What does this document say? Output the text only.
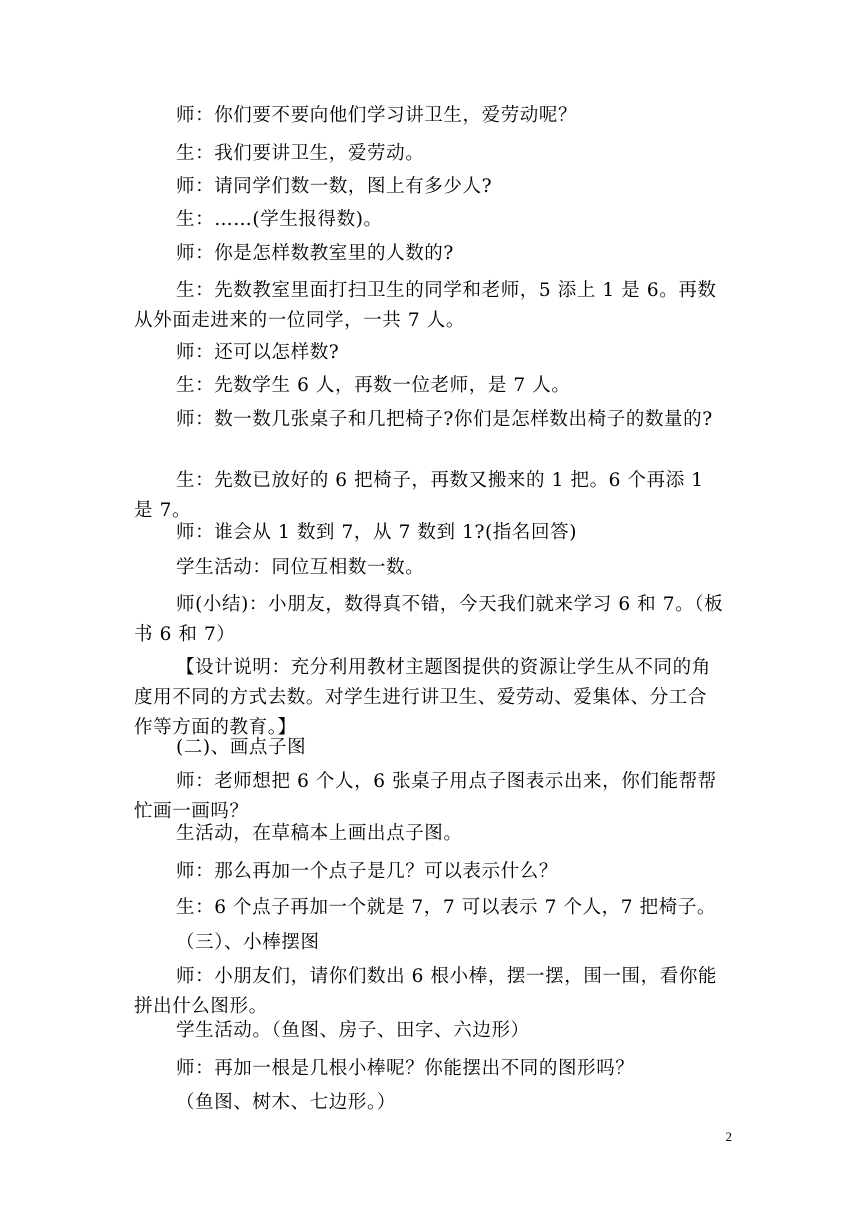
师：你们要不要向他们学习讲卫生，爱劳动呢？

生：我们要讲卫生，爱劳动。

师：请同学们数一数，图上有多少人?

生：……(学生报得数)。

师：你是怎样数教室里的人数的?

生：先数教室里面打扫卫生的同学和老师，5 添上 1 是 6。再数从外面走进来的一位同学，一共 7 人。

师：还可以怎样数?

生：先数学生 6 人，再数一位老师，是 7 人。

师：数一数几张桌子和几把椅子?你们是怎样数出椅子的数量的?

生：先数已放好的 6 把椅子，再数又搬来的 1 把。6 个再添 1 是 7。

师：谁会从 1 数到 7，从 7 数到 1?(指名回答)

学生活动：同位互相数一数。

师(小结)：小朋友，数得真不错，今天我们就来学习 6 和 7。（板书 6 和 7）

【设计说明：充分利用教材主题图提供的资源让学生从不同的角度用不同的方式去数。对学生进行讲卫生、爱劳动、爱集体、分工合作等方面的教育。】

(二)、画点子图

师：老师想把 6 个人，6 张桌子用点子图表示出来，你们能帮帮忙画一画吗？

生活动，在草稿本上画出点子图。

师：那么再加一个点子是几？可以表示什么？

生：6 个点子再加一个就是 7，7 可以表示 7 个人，7 把椅子。

（三）、小棒摆图

师：小朋友们，请你们数出 6 根小棒，摆一摆，围一围，看你能拼出什么图形。

学生活动。（鱼图、房子、田字、六边形）

师：再加一根是几根小棒呢？你能摆出不同的图形吗？

（鱼图、树木、七边形。）

2
